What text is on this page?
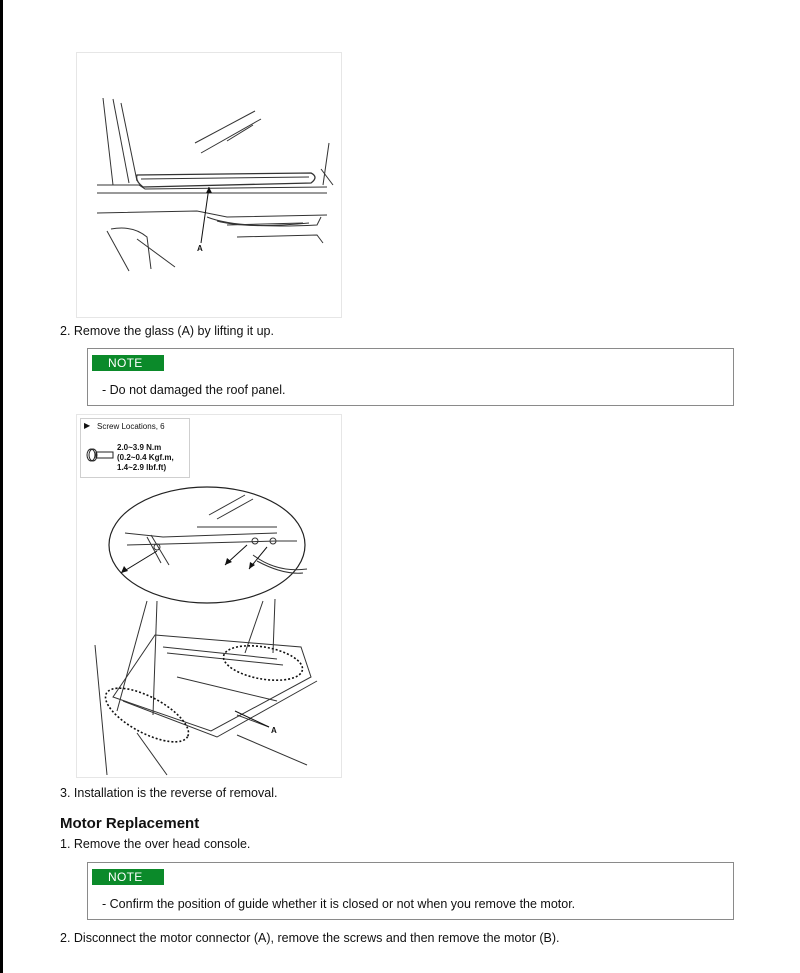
A
2. Remove the glass (A) by lifting it up.
NOTE
- Do not damaged the roof panel.
A
▶ Screw Locations, 6
2.0~3.9 N.m
(0.2~0.4 Kgf.m,
1.4~2.9 lbf.ft)
3. Installation is the reverse of removal.
Motor Replacement
1. Remove the over head console.
NOTE
- Confirm the position of guide whether it is closed or not when you remove the motor.
2. Disconnect the motor connector (A), remove the screws and then remove the motor (B).
